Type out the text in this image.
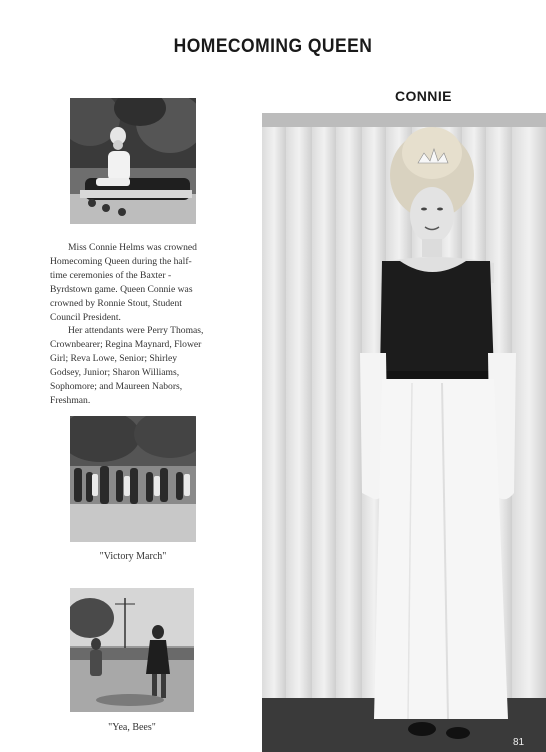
HOMECOMING QUEEN

Miss Connie Helms was crowned Homecoming Queen during the half-time ceremonies of the Baxter - Byrdstown game. Queen Connie was crowned by Ronnie Stout, Student Council President.

Her attendants were Perry Thomas, Crownbearer; Regina Maynard, Flower Girl; Reva Lowe, Senior; Shirley Godsey, Junior; Sharon Williams, Sophomore; and Maureen Nabors, Freshman.

"Victory March"
"Yea, Bees"
CONNIE
81
